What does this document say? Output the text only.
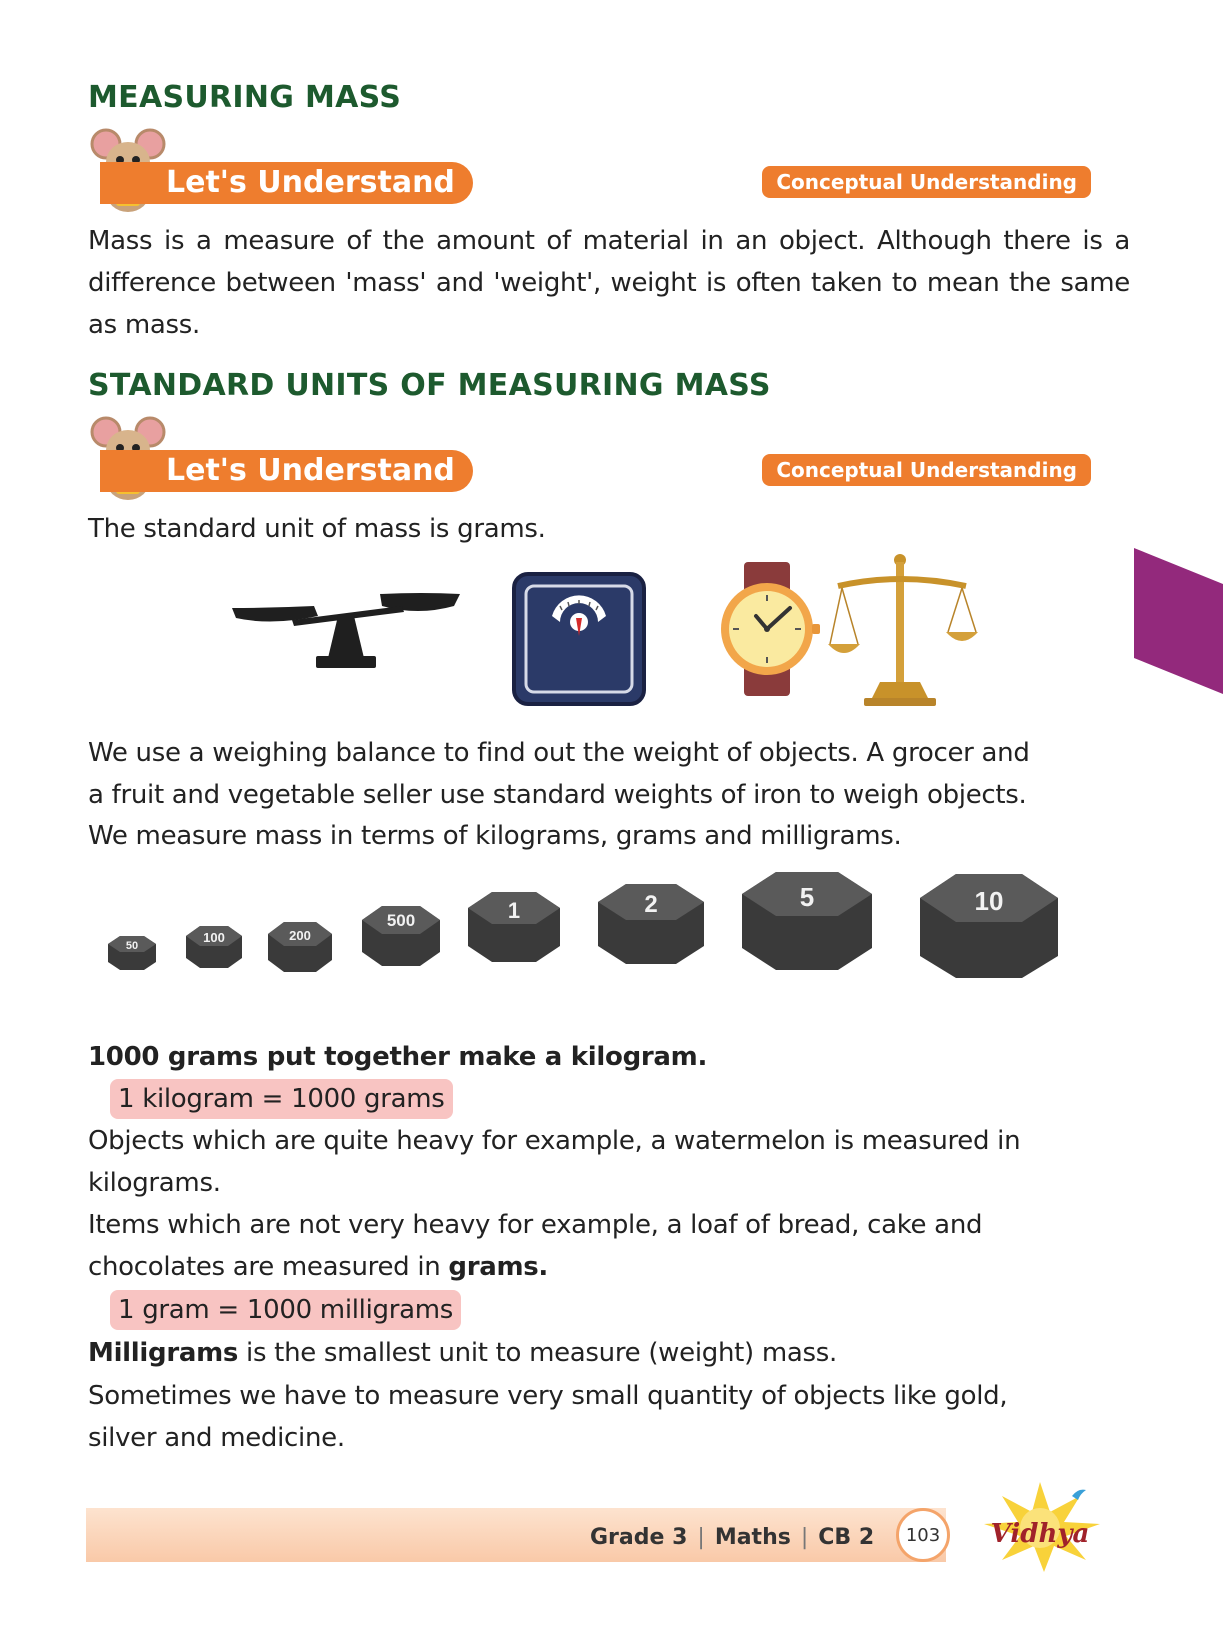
MEASURING MASS
Let's Understand	Conceptual Understanding
Mass is a measure of the amount of material in an object. Although there is a difference between 'mass' and 'weight', weight is often taken to mean the same as mass.
STANDARD UNITS OF MEASURING MASS
Let's Understand	Conceptual Understanding
The standard unit of mass is grams.
We use a weighing balance to find out the weight of objects. A grocer and
a fruit and vegetable seller use standard weights of iron to weigh objects.
We measure mass in terms of kilograms, grams and milligrams.
50
100	200
500	1	2	5	10
1000 grams put together make a kilogram.
1 kilogram = 1000 grams
Objects which are quite heavy for example, a watermelon is measured in
kilograms.
Items which are not very heavy for example, a loaf of bread, cake and
chocolates are measured in grams.
1 gram = 1000 milligrams
Milligrams is the smallest unit to measure (weight) mass.
Sometimes we have to measure very small quantity of objects like gold,
silver and medicine.
Grade 3 | Maths | CB 2 103 Vidhya
